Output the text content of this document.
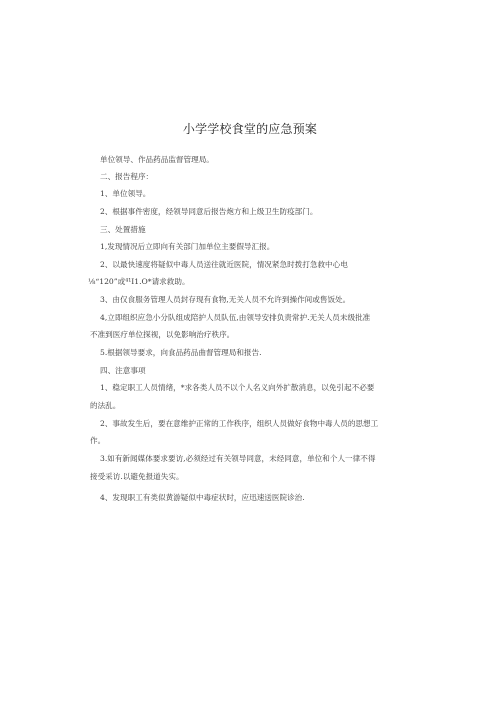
小学学校食堂的应急预案
单位领导、作品药品监督管理局。
二、报告程序：
1、单位领导。
2、根据事件密度，经领导同意后报告炮方和上级卫生防疫部门。
三、处置措施
1,发现情况后立即向有关部门加单位主要假导汇报。
2、以最快速度将疑似中毒人员送往就近医院，情况紧急时拨打急救中心电
⅛“120”或⁴¹I1.O*请求救助。
3、由仅食服务管理人员封存现有食物,无关人员不允许到操作间或售饭处。
4,立即组织应急小分队组成陪护人员队伍,由领导安排负责常护.无关人员未级批准
不准到医疗单位探视，以免影响治疗秩序。
5.根据领导要求，向食品药品曲督管理局和报告.
四、注意事项
1、稳定职工人员情绪，*求各类人员不以个人名义向外扩散消息，以免引起不必要
的法乱。
2、事故发生后，要在意维护正常的工作秩序，组织人员做好食物中毒人员的思想工
作。
3.如有新闻媒体要求要访,必须经过有关领导同意，未经同意，单位和个人一律不得
接受采访.以避免报道失实。
4、发现职工有类似黄游疑似中毒症状时，应迅速送医院诊治.
